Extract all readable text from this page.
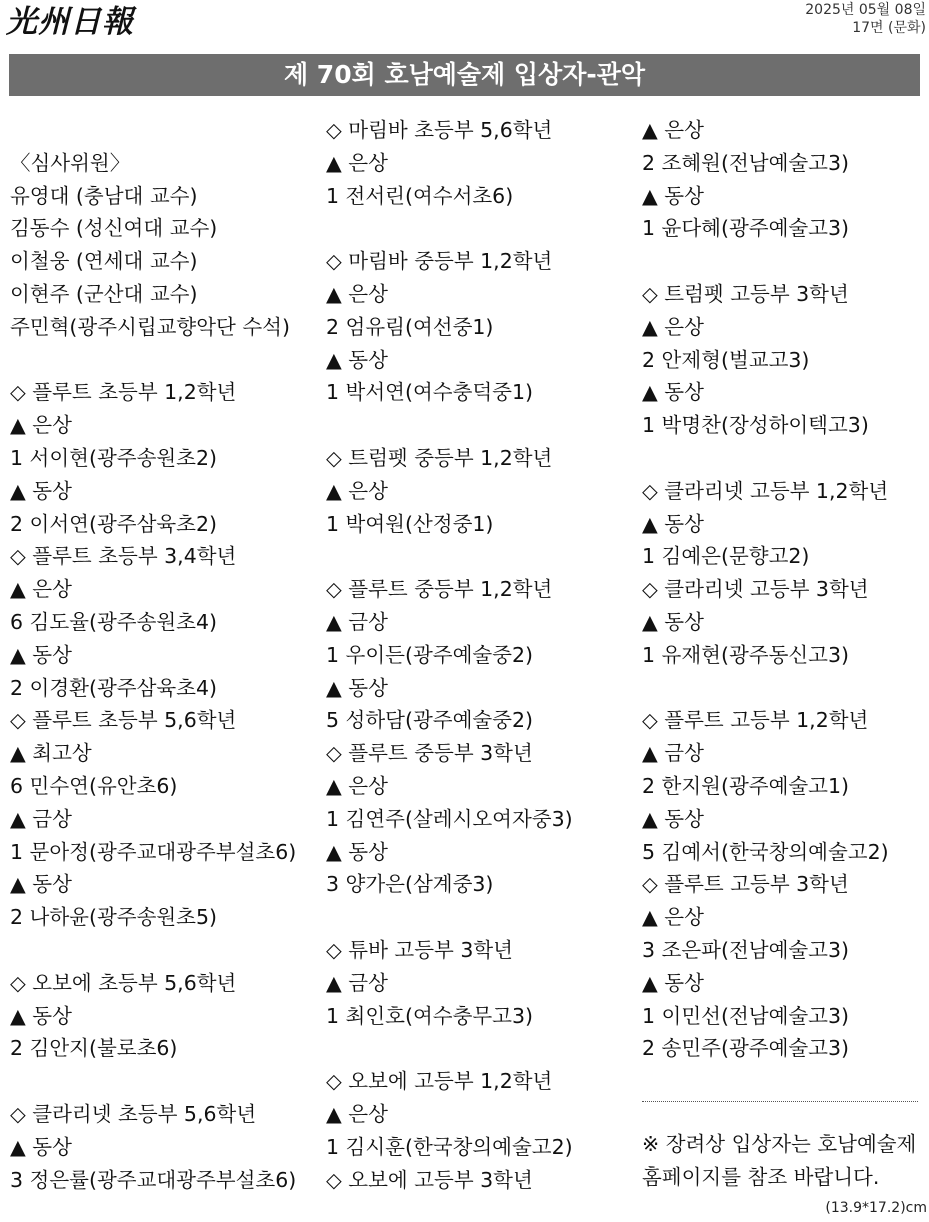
光州日報	2025년 05월 08일
17면 (문화)
제 70회 호남예술제 입상자-관악
〈심사위원〉
유영대 (충남대 교수)
김동수 (성신여대 교수)
이철웅 (연세대 교수)
이현주 (군산대 교수)
주민혁(광주시립교향악단 수석)
◇ 플루트 초등부 1,2학년
▲ 은상
1 서이현(광주송원초2)
▲ 동상
2 이서연(광주삼육초2)
◇ 플루트 초등부 3,4학년
▲ 은상
6 김도율(광주송원초4)
▲ 동상
2 이경환(광주삼육초4)
◇ 플루트 초등부 5,6학년
▲ 최고상
6 민수연(유안초6)
▲ 금상
1 문아정(광주교대광주부설초6)
▲ 동상
2 나하윤(광주송원초5)
◇ 오보에 초등부 5,6학년
▲ 동상
2 김안지(불로초6)
◇ 클라리넷 초등부 5,6학년
▲ 동상
3 정은률(광주교대광주부설초6)
◇ 마림바 초등부 5,6학년
▲ 은상
1 전서린(여수서초6)
◇ 마림바 중등부 1,2학년
▲ 은상
2 엄유림(여선중1)
▲ 동상
1 박서연(여수충덕중1)
◇ 트럼펫 중등부 1,2학년
▲ 은상
1 박여원(산정중1)
◇ 플루트 중등부 1,2학년
▲ 금상
1 우이든(광주예술중2)
▲ 동상
5 성하담(광주예술중2)
◇ 플루트 중등부 3학년
▲ 은상
1 김연주(살레시오여자중3)
▲ 동상
3 양가은(삼계중3)
◇ 튜바 고등부 3학년
▲ 금상
1 최인호(여수충무고3)
◇ 오보에 고등부 1,2학년
▲ 은상
1 김시훈(한국창의예술고2)
◇ 오보에 고등부 3학년
▲ 은상
2 조혜원(전남예술고3)
▲ 동상
1 윤다혜(광주예술고3)
◇ 트럼펫 고등부 3학년
▲ 은상
2 안제형(벌교고3)
▲ 동상
1 박명찬(장성하이텍고3)
◇ 클라리넷 고등부 1,2학년
▲ 동상
1 김예은(문향고2)
◇ 클라리넷 고등부 3학년
▲ 동상
1 유재현(광주동신고3)
◇ 플루트 고등부 1,2학년
▲ 금상
2 한지원(광주예술고1)
▲ 동상
5 김예서(한국창의예술고2)
◇ 플루트 고등부 3학년
▲ 은상
3 조은파(전남예술고3)
▲ 동상
1 이민선(전남예술고3)
2 송민주(광주예술고3)
※ 장려상 입상자는 호남예술제
홈페이지를 참조 바랍니다.
(13.9*17.2)cm
